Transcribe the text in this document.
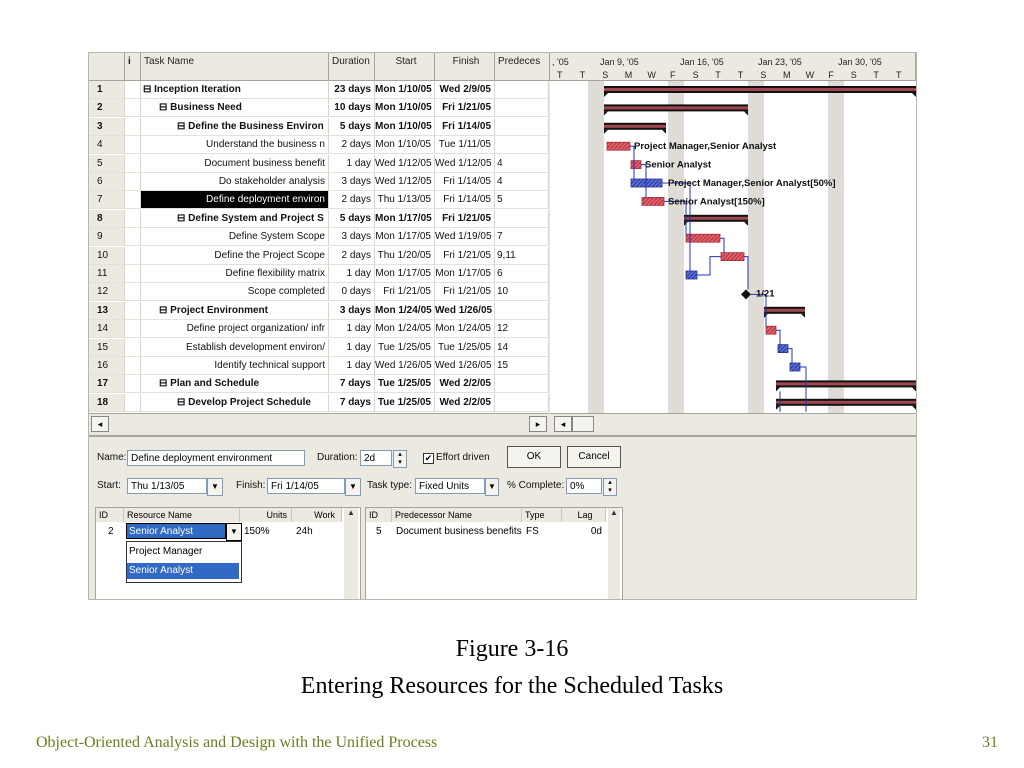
i	Task Name	Duration	Start	Finish	Predeces	, '05	Jan 9, '05	Jan 16, '05	Jan 23, '05	Jan 30, '05
T T S M W F S T T S M W F S T T
1	⊟ Inception Iteration	23 days Mon 1/10/05 Wed 2/9/05
2	⊟ Business Need	10 days Mon 1/10/05	Fri 1/21/05
3	⊟ Define the Business Environ	5 days Mon 1/10/05	Fri 1/14/05
4	Understand the business n	2 days Mon 1/10/05 Tue 1/11/05
5	Document business benefit	1 day Wed 1/12/05 Wed 1/12/05 4
6	Do stakeholder analysis	3 days Wed 1/12/05	Fri 1/14/05 4
7	Define deployment environ	2 days Thu 1/13/05	Fri 1/14/05 5
8	⊟ Define System and Project S	5 days Mon 1/17/05	Fri 1/21/05
9	Define System Scope	3 days Mon 1/17/05 Wed 1/19/05 7
10	Define the Project Scope	2 days Thu 1/20/05	Fri 1/21/05 9,11
11	Define flexibility matrix	1 day Mon 1/17/05 Mon 1/17/05 6
12	Scope completed	0 days	Fri 1/21/05	Fri 1/21/05 10
13	⊟ Project Environment	3 days Mon 1/24/05 Wed 1/26/05
14	Define project organization/ infr	1 day Mon 1/24/05 Mon 1/24/05 12
15	Establish development environ/	1 day Tue 1/25/05 Tue 1/25/05 14
16	Identify technical support	1 day Wed 1/26/05 Wed 1/26/05 15
17	⊟ Plan and Schedule	7 days Tue 1/25/05 Wed 2/2/05
18	⊟ Develop Project Schedule	7 days Tue 1/25/05 Wed 2/2/05
Project Manager,Senior Analyst
Senior Analyst
Project Manager,Senior Analyst[50%]
Senior Analyst[150%]
1/21
◂	▸	◂
Name: Define deployment environment	Duration: 2d	▴
▾	✔ Effort driven	OK	Cancel
Start:	Thu 1/13/05	▼	Finish: Fri 1/14/05	▼	Task type: Fixed Units	▼	% Complete: 0%	▴
▾
ID	Resource Name	Units	Work	▲
2	Senior Analyst	▼ 150%	24h
Project Manager
Senior Analyst
ID	Predecessor Name	Type	Lag	▲
5	Document business benefits FS	0d
Figure 3-16
Entering Resources for the Scheduled Tasks
Object-Oriented Analysis and Design with the Unified Process	31
